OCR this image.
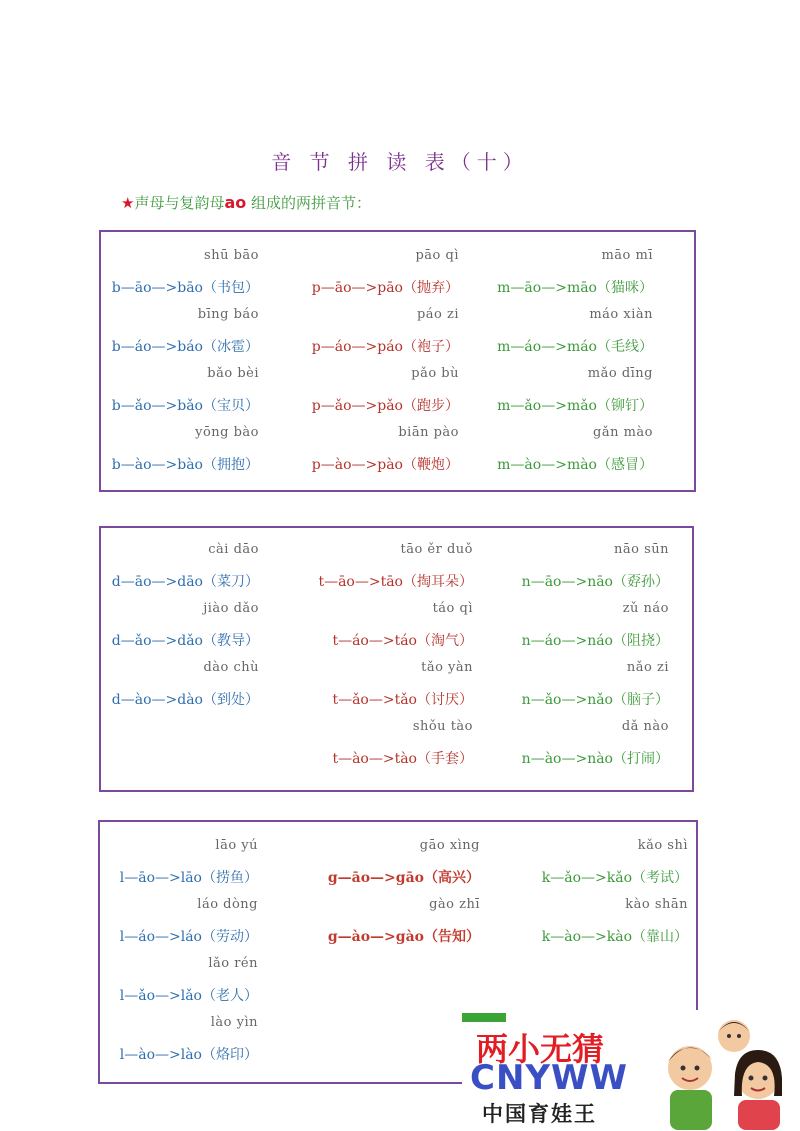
音 节 拼 读 表（十）
★声母与复韵母ao 组成的两拼音节：
shū bāo
b—āo—>bāo（书包）
bīng báo
b—áo—>báo（冰雹）
bǎo bèi
b—ǎo—>bǎo（宝贝）
yōng bào
b—ào—>bào（拥抱）
pāo qì
p—āo—>pāo（抛弃）
páo zi
p—áo—>páo（袍子）
pǎo bù
p—ǎo—>pǎo（跑步）
biān pào
p—ào—>pào（鞭炮）
māo mī
m—āo—>māo（猫咪）
máo xiàn
m—áo—>máo（毛线）
mǎo dīng
m—ǎo—>mǎo（铆钉）
gǎn mào
m—ào—>mào（感冒）
cài dāo
d—āo—>dāo（菜刀）
jiào dǎo
d—ǎo—>dǎo（教导）
dào chù
d—ào—>dào（到处）
tāo ěr duǒ
t—āo—>tāo（掏耳朵）
táo qì
t—áo—>táo（淘气）
tǎo yàn
t—ǎo—>tǎo（讨厌）
shǒu tào
t—ào—>tào（手套）
nāo sūn
n—āo—>nāo（孬孙）
zǔ náo
n—áo—>náo（阻挠）
nǎo zi
n—ǎo—>nǎo（脑子）
dǎ nào
n—ào—>nào（打闹）
lāo yú
l—āo—>lāo（捞鱼）
láo dòng
l—áo—>láo（劳动）
lǎo rén
l—ǎo—>lǎo（老人）
lào yìn
l—ào—>lào（烙印）
gāo xìng
g—āo—>gāo（高兴）
gào zhī
g—ào—>gào（告知）
kǎo shì
k—ǎo—>kǎo（考试）
kào shān
k—ào—>kào（靠山）
两小无猜
CNYWW
中国育娃王
